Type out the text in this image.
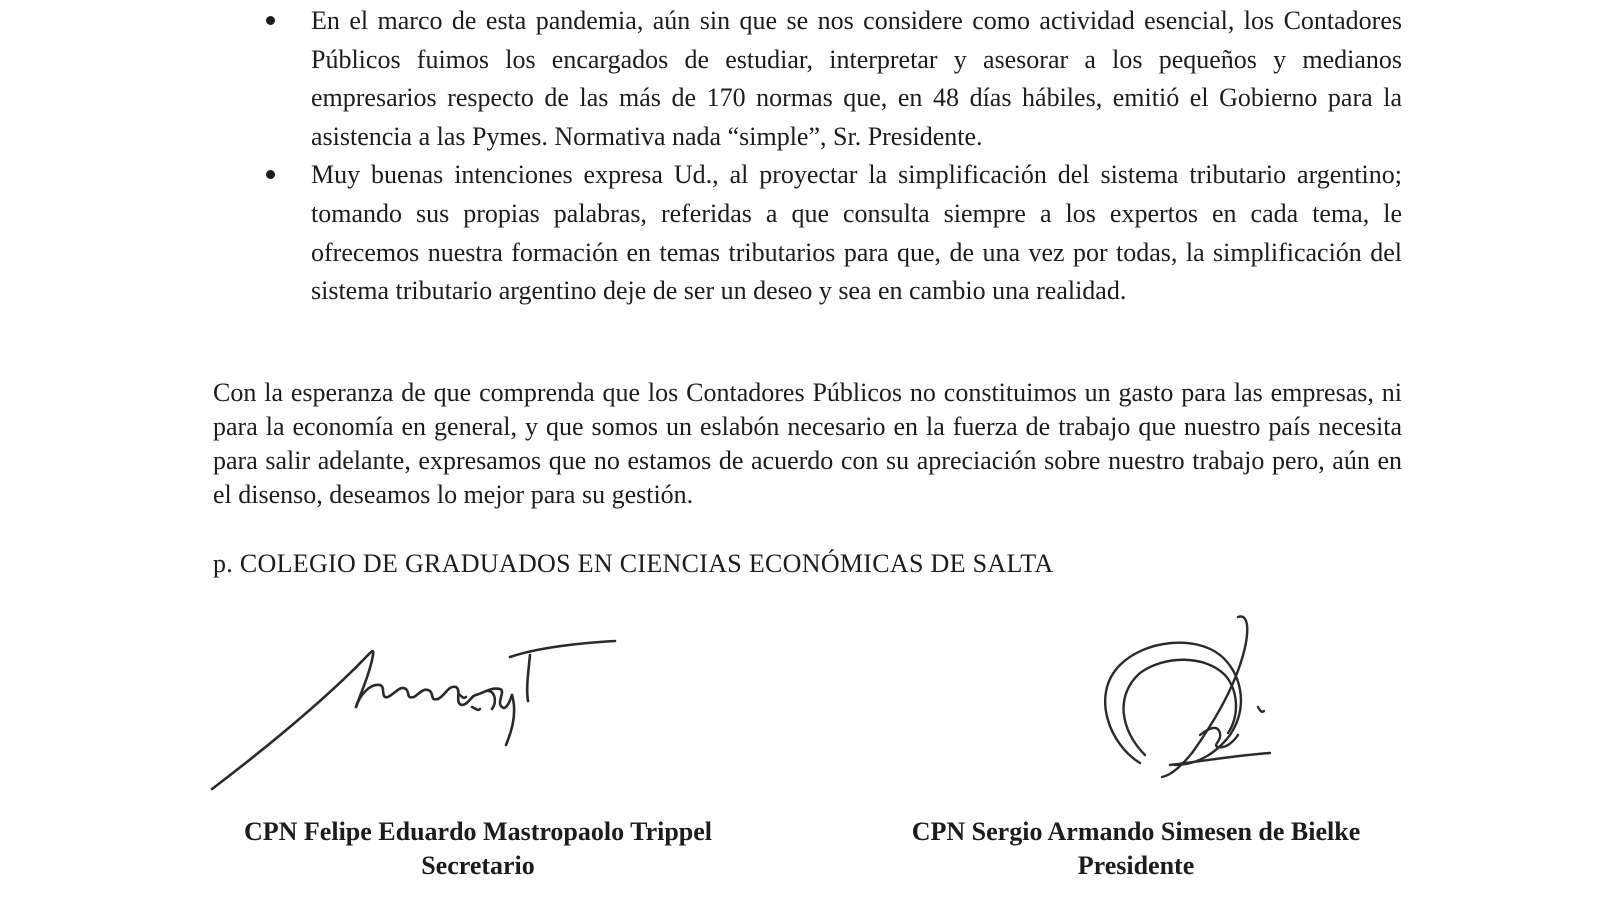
En el marco de esta pandemia, aún sin que se nos considere como actividad esencial, los Contadores Públicos fuimos los encargados de estudiar, interpretar y asesorar a los pequeños y medianos empresarios respecto de las más de 170 normas que, en 48 días hábiles, emitió el Gobierno para la asistencia a las Pymes. Normativa nada “simple”, Sr. Presidente.
Muy buenas intenciones expresa Ud., al proyectar la simplificación del sistema tributario argentino; tomando sus propias palabras, referidas a que consulta siempre a los expertos en cada tema, le ofrecemos nuestra formación en temas tributarios para que, de una vez por todas, la simplificación del sistema tributario argentino deje de ser un deseo y sea en cambio una realidad.

Con la esperanza de que comprenda que los Contadores Públicos no constituimos un gasto para las empresas, ni para la economía en general, y que somos un eslabón necesario en la fuerza de trabajo que nuestro país necesita para salir adelante, expresamos que no estamos de acuerdo con su apreciación sobre nuestro trabajo pero, aún en el disenso, deseamos lo mejor para su gestión.

p. COLEGIO DE GRADUADOS EN CIENCIAS ECONÓMICAS DE SALTA

CPN Felipe Eduardo Mastropaolo Trippel
Secretario
CPN Sergio Armando Simesen de Bielke
Presidente
